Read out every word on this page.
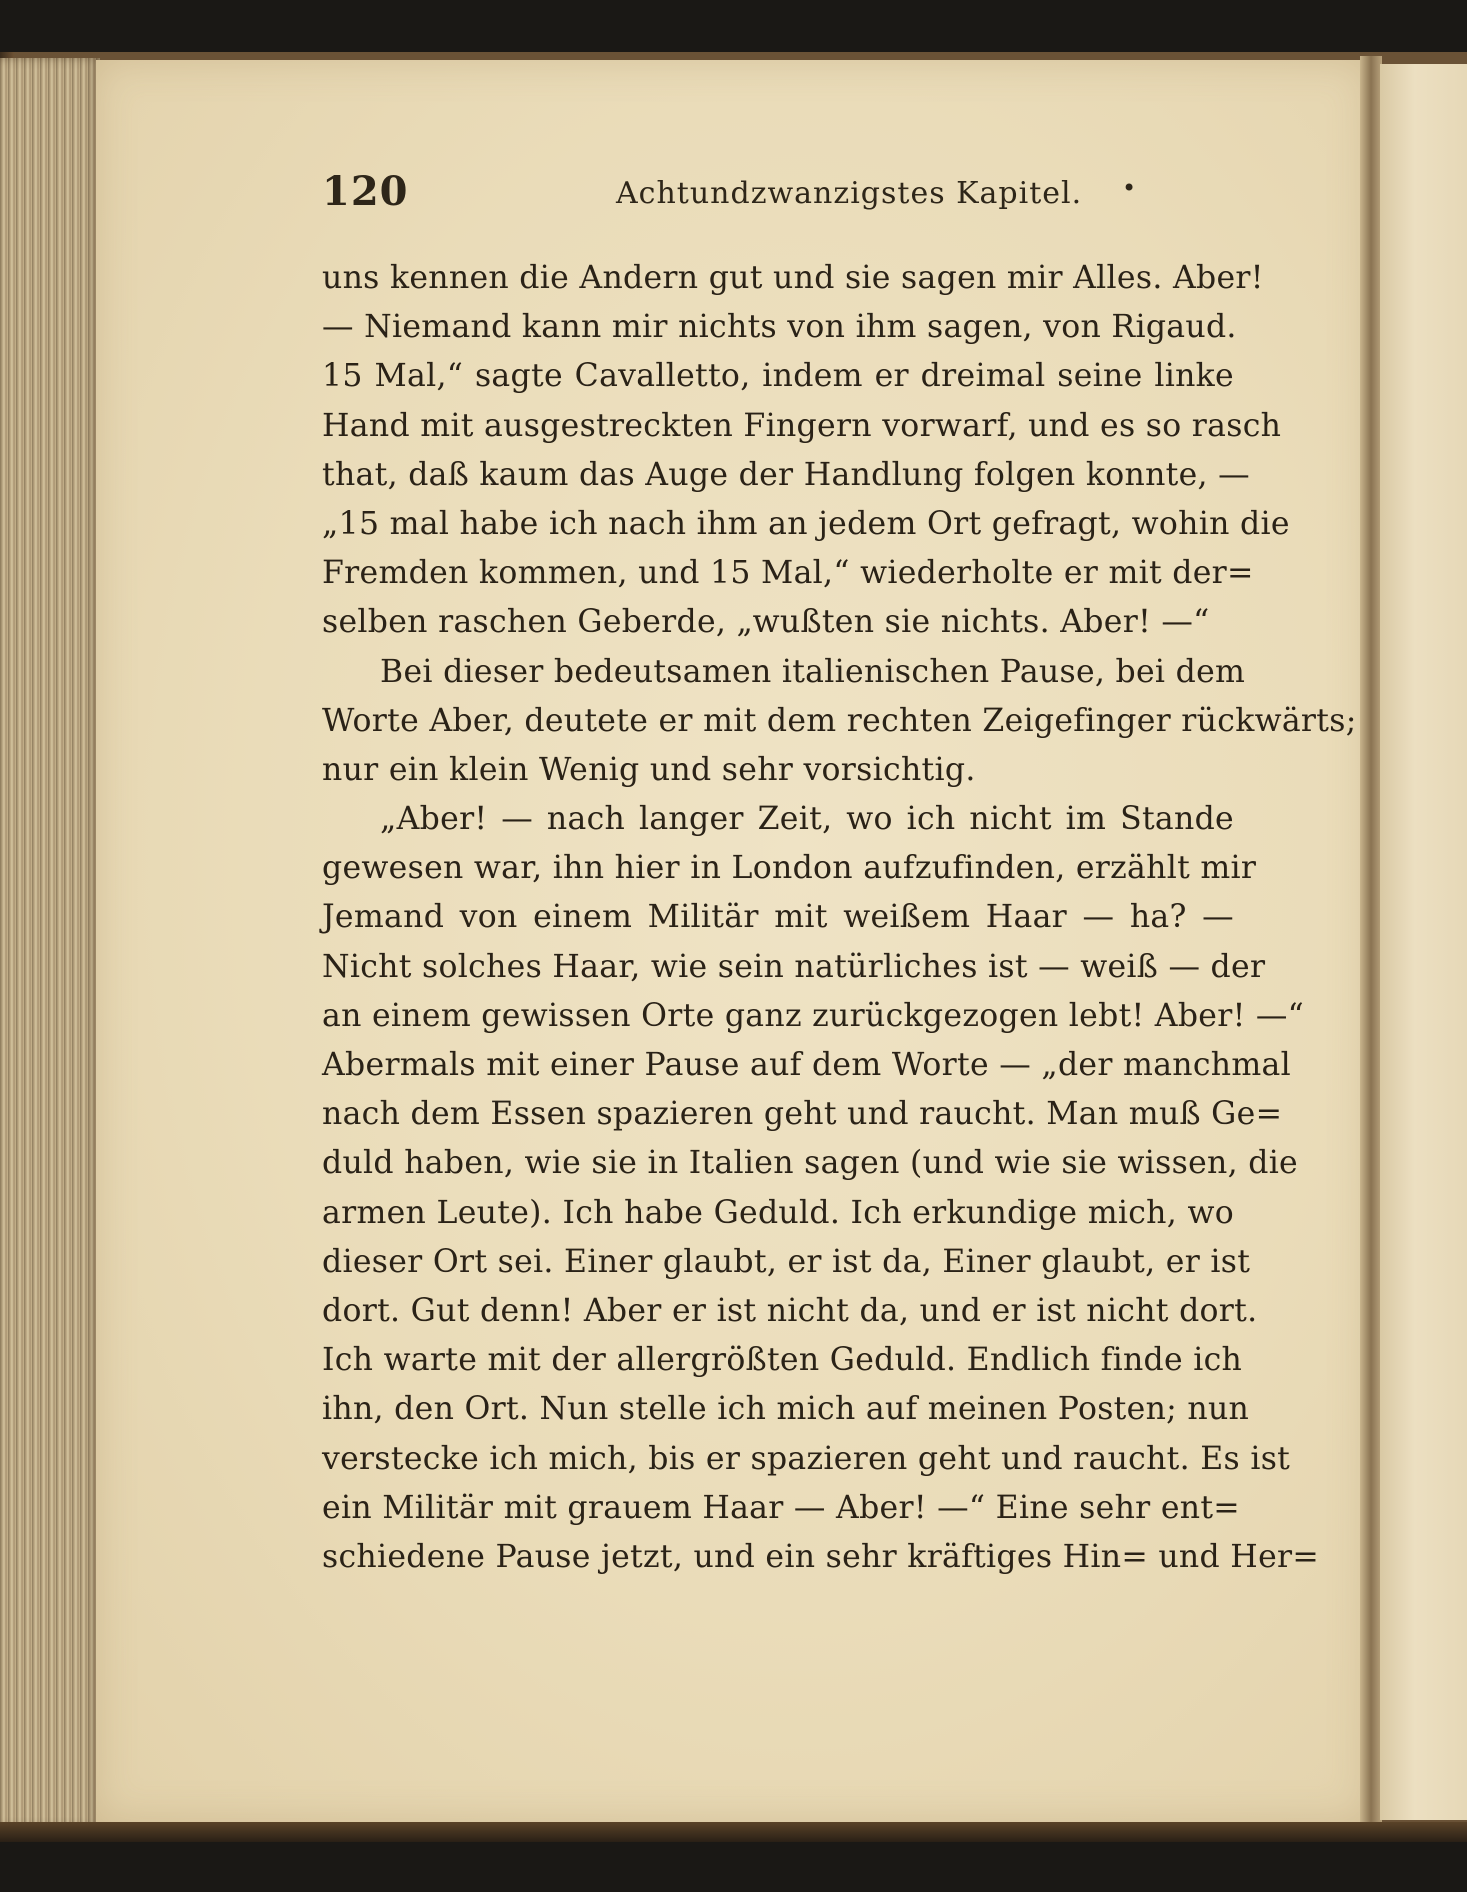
120	Achtundzwanzigstes Kapitel. •
uns kennen die Andern gut und sie sagen mir Alles. Aber!
— Niemand kann mir nichts von ihm sagen, von Rigaud.
15 Mal,“ sagte Cavalletto, indem er dreimal seine linke
Hand mit ausgestreckten Fingern vorwarf, und es so rasch
that, daß kaum das Auge der Handlung folgen konnte, —
„15 mal habe ich nach ihm an jedem Ort gefragt, wohin die
Fremden kommen, und 15 Mal,“ wiederholte er mit der=
selben raschen Geberde, „wußten sie nichts. Aber! —“
Bei dieser bedeutsamen italienischen Pause, bei dem
Worte Aber, deutete er mit dem rechten Zeigefinger rückwärts;
nur ein klein Wenig und sehr vorsichtig.
„Aber! — nach langer Zeit, wo ich nicht im Stande
gewesen war, ihn hier in London aufzufinden, erzählt mir
Jemand von einem Militär mit weißem Haar — ha? —
Nicht solches Haar, wie sein natürliches ist — weiß — der
an einem gewissen Orte ganz zurückgezogen lebt! Aber! —“
Abermals mit einer Pause auf dem Worte — „der manchmal
nach dem Essen spazieren geht und raucht. Man muß Ge=
duld haben, wie sie in Italien sagen (und wie sie wissen, die
armen Leute). Ich habe Geduld. Ich erkundige mich, wo
dieser Ort sei. Einer glaubt, er ist da, Einer glaubt, er ist
dort. Gut denn! Aber er ist nicht da, und er ist nicht dort.
Ich warte mit der allergrößten Geduld. Endlich finde ich
ihn, den Ort. Nun stelle ich mich auf meinen Posten; nun
verstecke ich mich, bis er spazieren geht und raucht. Es ist
ein Militär mit grauem Haar — Aber! —“ Eine sehr ent=
schiedene Pause jetzt, und ein sehr kräftiges Hin= und Her=
